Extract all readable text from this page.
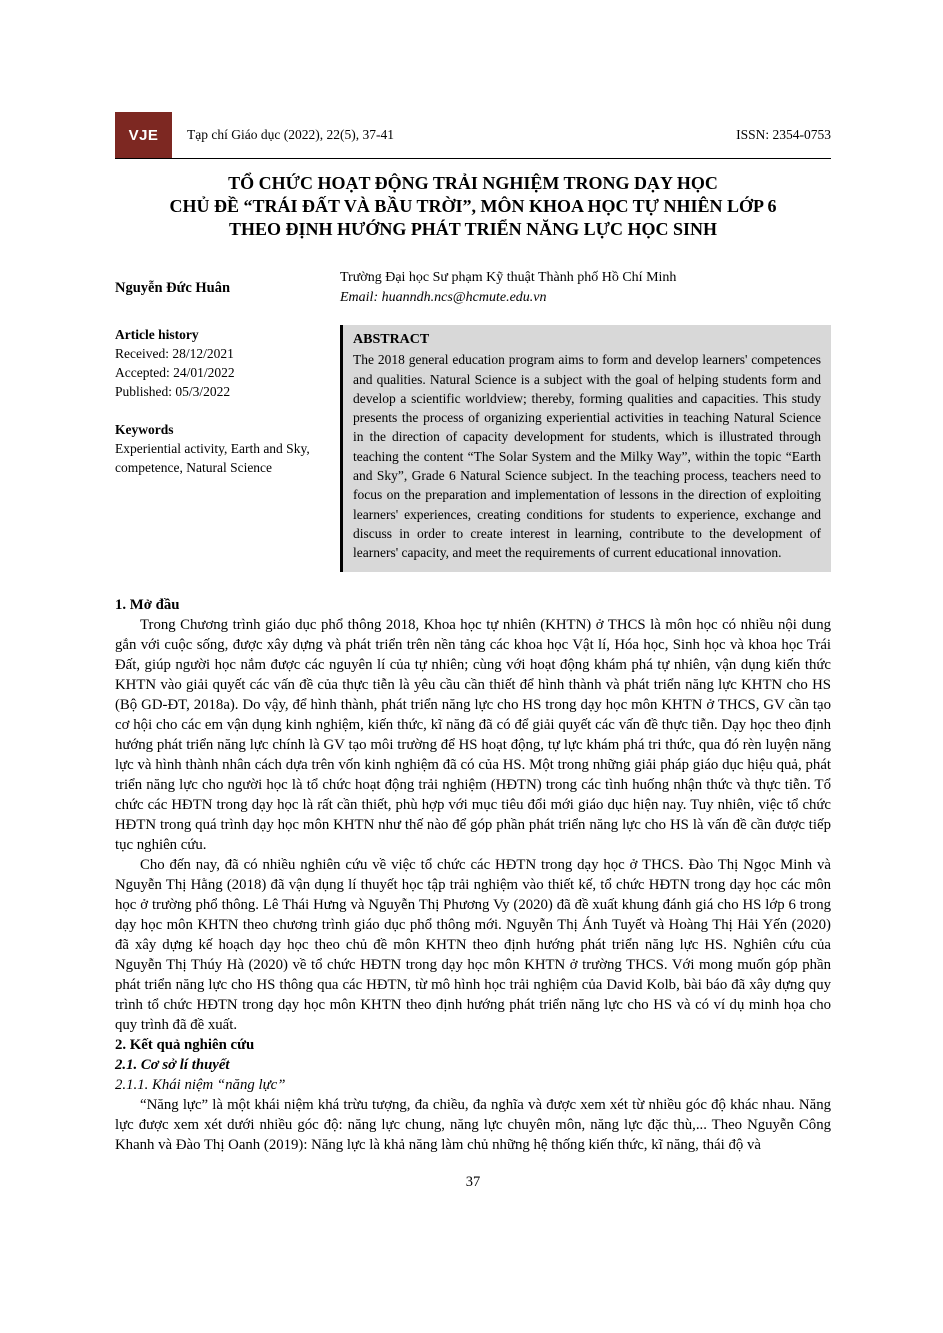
VJE	Tạp chí Giáo dục (2022), 22(5), 37-41	ISSN: 2354-0753
TỔ CHỨC HOẠT ĐỘNG TRẢI NGHIỆM TRONG DẠY HỌC
CHỦ ĐỀ “TRÁI ĐẤT VÀ BẦU TRỜI”, MÔN KHOA HỌC TỰ NHIÊN LỚP 6
THEO ĐỊNH HƯỚNG PHÁT TRIỂN NĂNG LỰC HỌC SINH
Nguyễn Đức Huân
Trường Đại học Sư phạm Kỹ thuật Thành phố Hồ Chí Minh
Email: huanndh.ncs@hcmute.edu.vn
Article history
Received: 28/12/2021
Accepted: 24/01/2022
Published: 05/3/2022
Keywords
Experiential activity, Earth and Sky, competence, Natural Science
ABSTRACT
The 2018 general education program aims to form and develop learners' competences and qualities. Natural Science is a subject with the goal of helping students form and develop a scientific worldview; thereby, forming qualities and capacities. This study presents the process of organizing experiential activities in teaching Natural Science in the direction of capacity development for students, which is illustrated through teaching the content “The Solar System and the Milky Way”, within the topic “Earth and Sky”, Grade 6 Natural Science subject. In the teaching process, teachers need to focus on the preparation and implementation of lessons in the direction of exploiting learners' experiences, creating conditions for students to experience, exchange and discuss in order to create interest in learning, contribute to the development of learners' capacity, and meet the requirements of current educational innovation.
1. Mở đầu

Trong Chương trình giáo dục phổ thông 2018, Khoa học tự nhiên (KHTN) ở THCS là môn học có nhiều nội dung gắn với cuộc sống, được xây dựng và phát triển trên nền tảng các khoa học Vật lí, Hóa học, Sinh học và khoa học Trái Đất, giúp người học nắm được các nguyên lí của tự nhiên; cùng với hoạt động khám phá tự nhiên, vận dụng kiến thức KHTN vào giải quyết các vấn đề của thực tiễn là yêu cầu cần thiết để hình thành và phát triển năng lực KHTN cho HS (Bộ GD-ĐT, 2018a). Do vậy, để hình thành, phát triển năng lực cho HS trong dạy học môn KHTN ở THCS, GV cần tạo cơ hội cho các em vận dụng kinh nghiệm, kiến thức, kĩ năng đã có để giải quyết các vấn đề thực tiễn. Dạy học theo định hướng phát triển năng lực chính là GV tạo môi trường để HS hoạt động, tự lực khám phá tri thức, qua đó rèn luyện năng lực và hình thành nhân cách dựa trên vốn kinh nghiệm đã có của HS. Một trong những giải pháp giáo dục hiệu quả, phát triển năng lực cho người học là tổ chức hoạt động trải nghiệm (HĐTN) trong các tình huống nhận thức và thực tiễn. Tổ chức các HĐTN trong dạy học là rất cần thiết, phù hợp với mục tiêu đổi mới giáo dục hiện nay. Tuy nhiên, việc tổ chức HĐTN trong quá trình dạy học môn KHTN như thế nào để góp phần phát triển năng lực cho HS là vấn đề cần được tiếp tục nghiên cứu.

Cho đến nay, đã có nhiều nghiên cứu về việc tổ chức các HĐTN trong dạy học ở THCS. Đào Thị Ngọc Minh và Nguyễn Thị Hằng (2018) đã vận dụng lí thuyết học tập trải nghiệm vào thiết kế, tổ chức HĐTN trong dạy học các môn học ở trường phổ thông. Lê Thái Hưng và Nguyễn Thị Phương Vy (2020) đã đề xuất khung đánh giá cho HS lớp 6 trong dạy học môn KHTN theo chương trình giáo dục phổ thông mới. Nguyễn Thị Ánh Tuyết và Hoàng Thị Hải Yến (2020) đã xây dựng kế hoạch dạy học theo chủ đề môn KHTN theo định hướng phát triển năng lực HS. Nghiên cứu của Nguyễn Thị Thúy Hà (2020) về tổ chức HĐTN trong dạy học môn KHTN ở trường THCS. Với mong muốn góp phần phát triển năng lực cho HS thông qua các HĐTN, từ mô hình học trải nghiệm của David Kolb, bài báo đã xây dựng quy trình tổ chức HĐTN trong dạy học môn KHTN theo định hướng phát triển năng lực cho HS và có ví dụ minh họa cho quy trình đã đề xuất.

2. Kết quả nghiên cứu
2.1. Cơ sở lí thuyết
2.1.1. Khái niệm “năng lực”

“Năng lực” là một khái niệm khá trừu tượng, đa chiều, đa nghĩa và được xem xét từ nhiều góc độ khác nhau. Năng lực được xem xét dưới nhiều góc độ: năng lực chung, năng lực chuyên môn, năng lực đặc thù,... Theo Nguyễn Công Khanh và Đào Thị Oanh (2019): Năng lực là khả năng làm chủ những hệ thống kiến thức, kĩ năng, thái độ và

37
